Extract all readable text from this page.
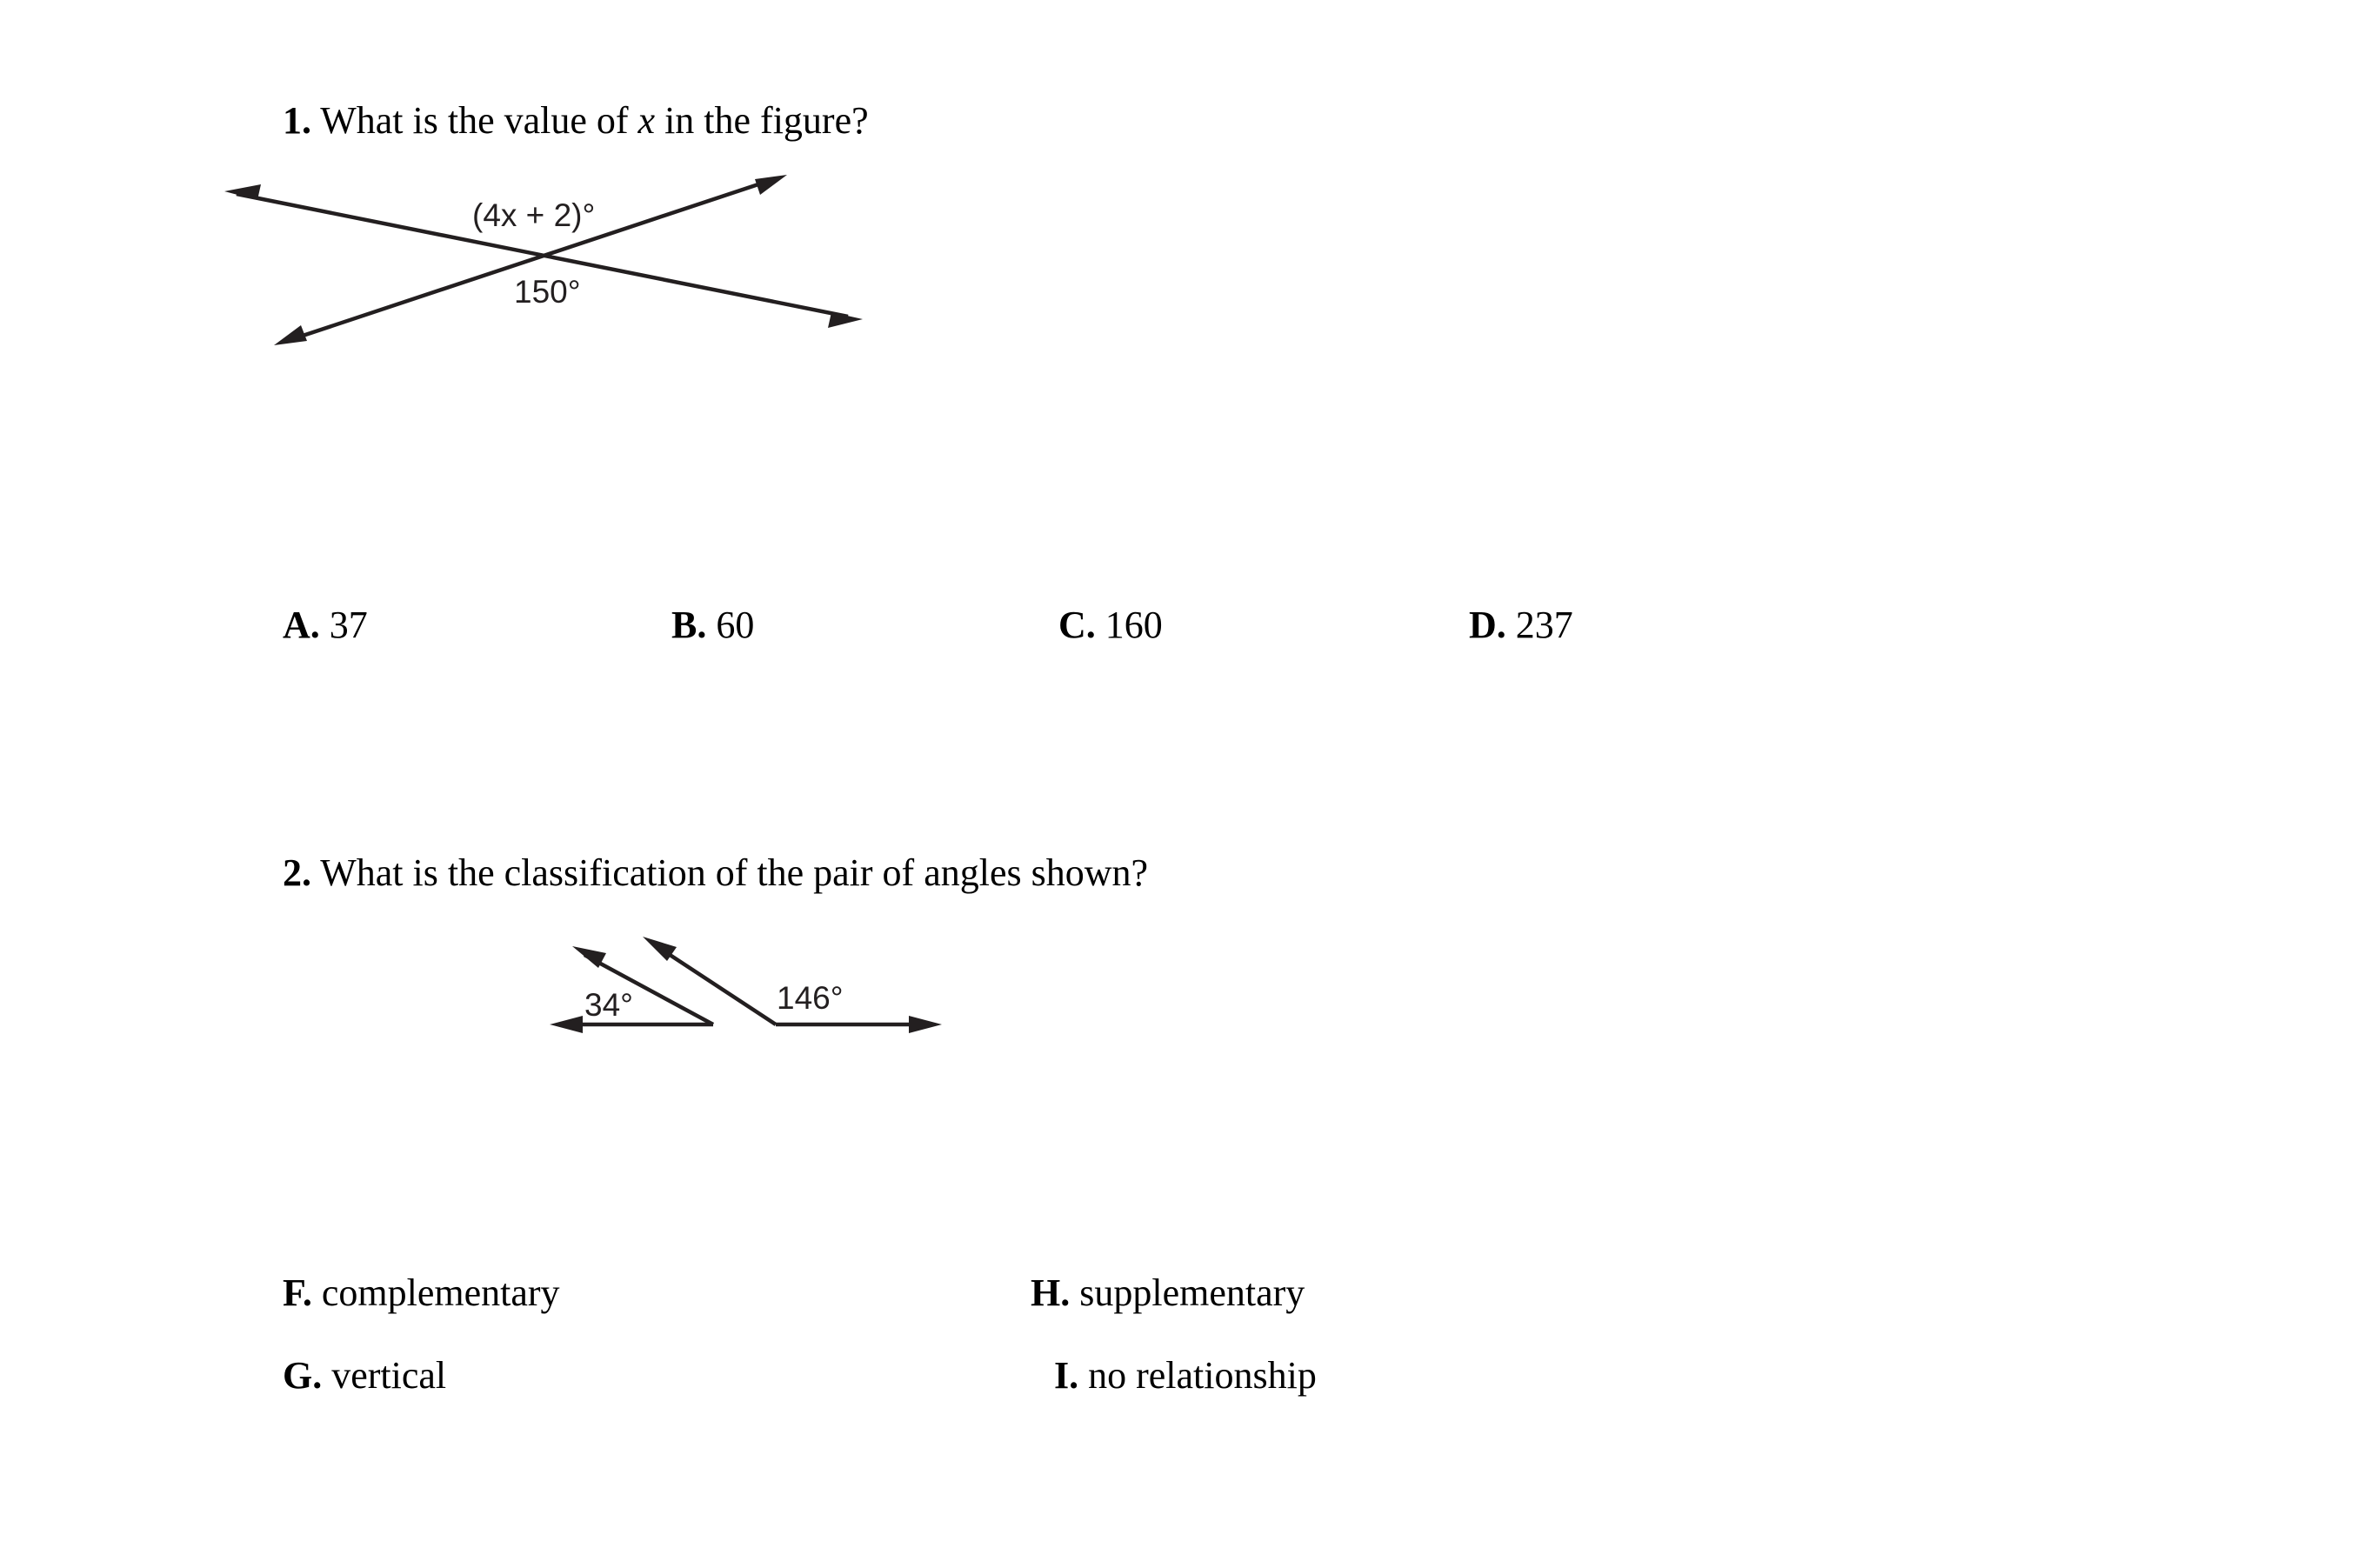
1. What is the value of x in the figure?
(4x + 2)°
150°
A. 37	B. 60	C. 160	D. 237
2. What is the classification of the pair of angles shown?
34°	146°
F. complementary	H. supplementary
G. vertical	I. no relationship
